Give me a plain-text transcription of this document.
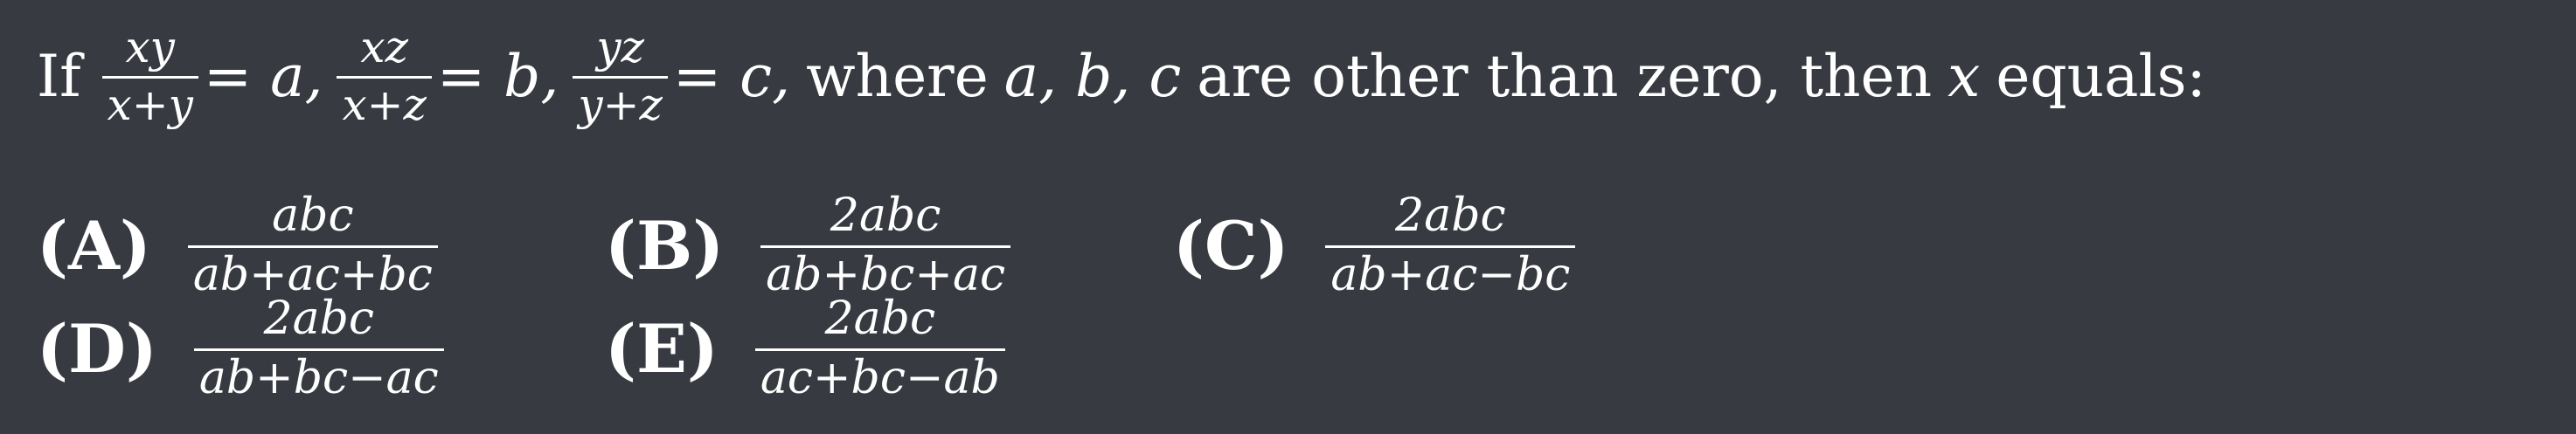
If $\frac{xy}{x+y} = a$, $\frac{xz}{x+z} = b$, $\frac{yz}{y+z} = c$, where a, b, c are other than zero, then x equals:
$(A) \frac{\text{abc}}{ab+ac+bc}$	$(B) \frac{\text{2abc}}{ab+bc+ac} (C) \frac{\text{2abc}}{ab+ac-bc}$
$(D) \frac{\text{2abc}}{ab+bc-ac} (E) \frac{\text{2abc}}{ac+bc-ab}$
